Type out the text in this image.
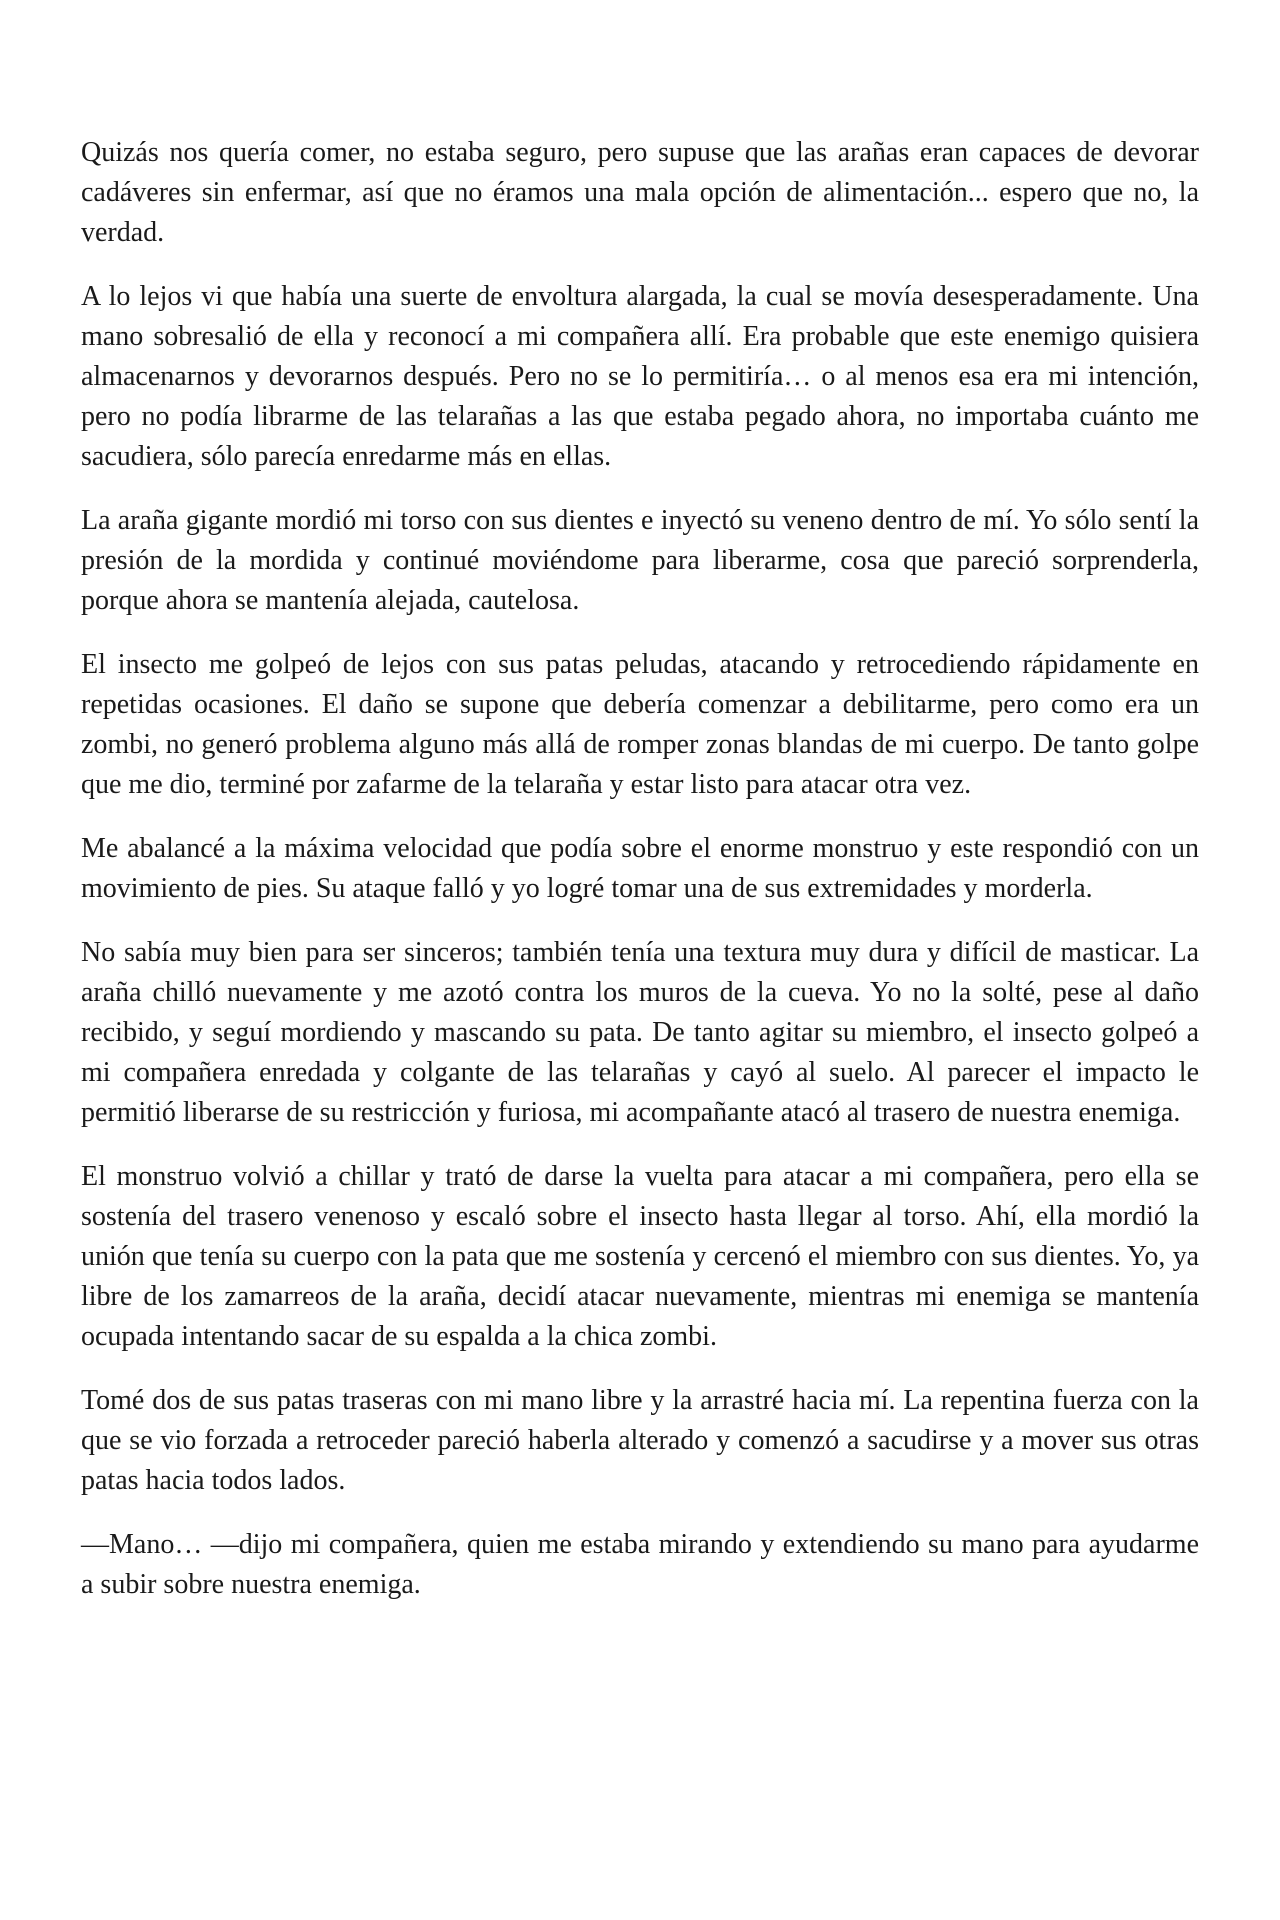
Quizás nos quería comer, no estaba seguro, pero supuse que las arañas eran capaces de devorar cadáveres sin enfermar, así que no éramos una mala opción de alimentación... espero que no, la verdad.

A lo lejos vi que había una suerte de envoltura alargada, la cual se movía desesperadamente. Una mano sobresalió de ella y reconocí a mi compañera allí. Era probable que este enemigo quisiera almacenarnos y devorarnos después. Pero no se lo permitiría… o al menos esa era mi intención, pero no podía librarme de las telarañas a las que estaba pegado ahora, no importaba cuánto me sacudiera, sólo parecía enredarme más en ellas.

La araña gigante mordió mi torso con sus dientes e inyectó su veneno dentro de mí. Yo sólo sentí la presión de la mordida y continué moviéndome para liberarme, cosa que pareció sorprenderla, porque ahora se mantenía alejada, cautelosa.

El insecto me golpeó de lejos con sus patas peludas, atacando y retrocediendo rápidamente en repetidas ocasiones. El daño se supone que debería comenzar a debilitarme, pero como era un zombi, no generó problema alguno más allá de romper zonas blandas de mi cuerpo. De tanto golpe que me dio, terminé por zafarme de la telaraña y estar listo para atacar otra vez.

Me abalancé a la máxima velocidad que podía sobre el enorme monstruo y este respondió con un movimiento de pies. Su ataque falló y yo logré tomar una de sus extremidades y morderla.

No sabía muy bien para ser sinceros; también tenía una textura muy dura y difícil de masticar. La araña chilló nuevamente y me azotó contra los muros de la cueva. Yo no la solté, pese al daño recibido, y seguí mordiendo y mascando su pata. De tanto agitar su miembro, el insecto golpeó a mi compañera enredada y colgante de las telarañas y cayó al suelo. Al parecer el impacto le permitió liberarse de su restricción y furiosa, mi acompañante atacó al trasero de nuestra enemiga.

El monstruo volvió a chillar y trató de darse la vuelta para atacar a mi compañera, pero ella se sostenía del trasero venenoso y escaló sobre el insecto hasta llegar al torso. Ahí, ella mordió la unión que tenía su cuerpo con la pata que me sostenía y cercenó el miembro con sus dientes. Yo, ya libre de los zamarreos de la araña, decidí atacar nuevamente, mientras mi enemiga se mantenía ocupada intentando sacar de su espalda a la chica zombi.

Tomé dos de sus patas traseras con mi mano libre y la arrastré hacia mí. La repentina fuerza con la que se vio forzada a retroceder pareció haberla alterado y comenzó a sacudirse y a mover sus otras patas hacia todos lados.

—Mano… —dijo mi compañera, quien me estaba mirando y extendiendo su mano para ayudarme a subir sobre nuestra enemiga.
